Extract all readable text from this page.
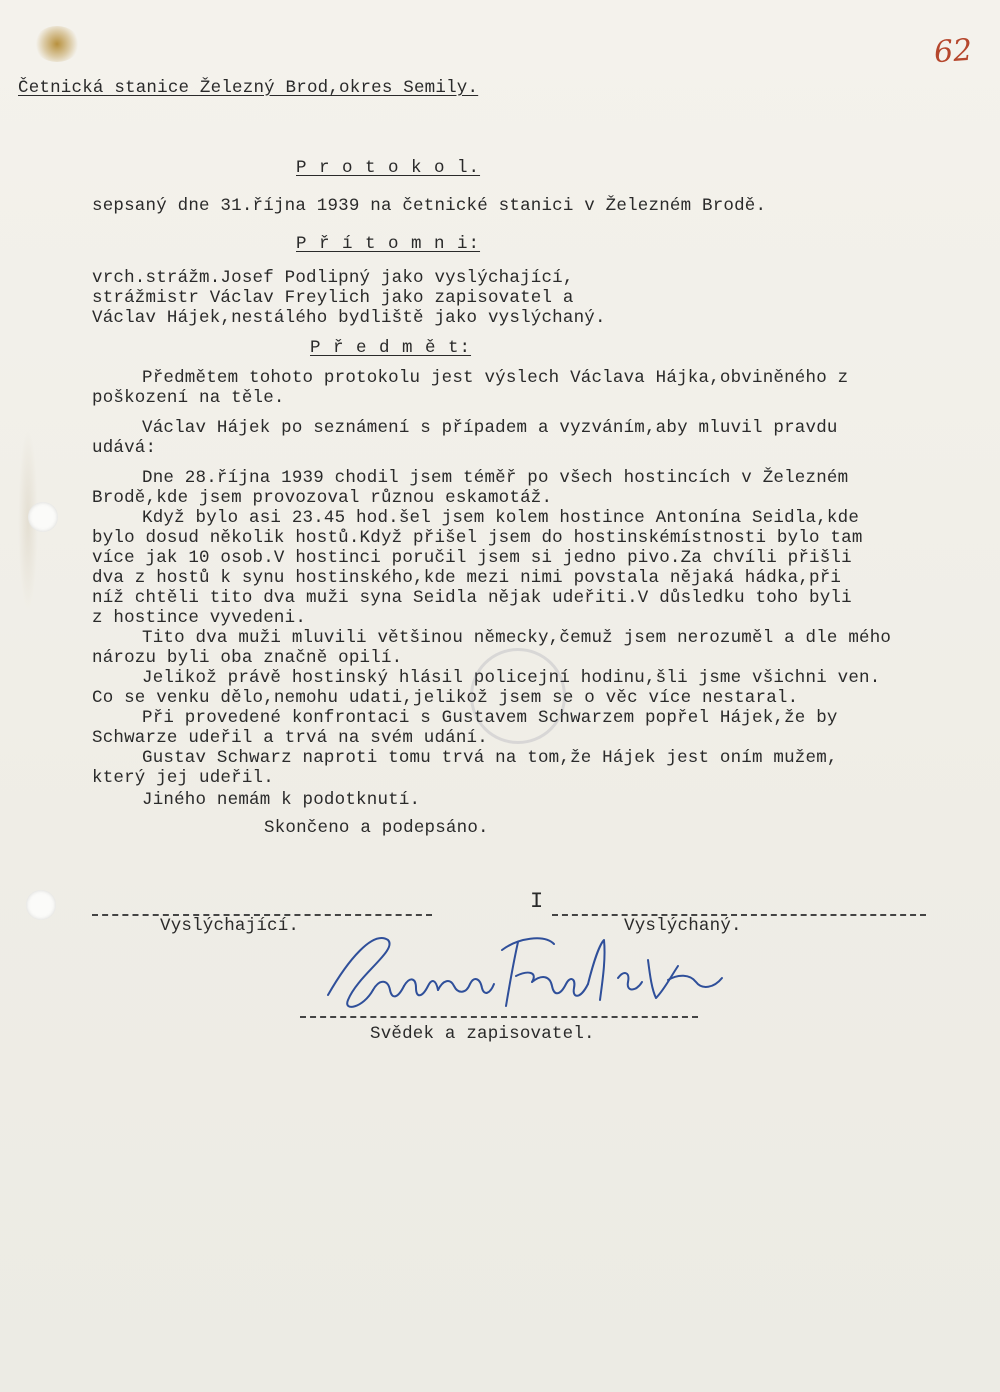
62
Četnická stanice Železný Brod,okres Semily.
P r o t o k o l.
sepsaný dne 31.října 1939 na četnické stanici v Železném Brodě.
P ř í t o m n i:
vrch.strážm.Josef Podlipný jako vyslýchající,
strážmistr Václav Freylich jako zapisovatel a
Václav Hájek,nestálého bydliště jako vyslýchaný.
P ř e d m ě t:
Předmětem tohoto protokolu jest výslech Václava Hájka,obviněného z
poškození na těle.
Václav Hájek po seznámení s případem a vyzváním,aby mluvil pravdu
udává:
Dne 28.října 1939 chodil jsem téměř po všech hostincích v Železném
Brodě,kde jsem provozoval různou eskamotáž.
Když bylo asi 23.45 hod.šel jsem kolem hostince Antonína Seidla,kde
bylo dosud několik hostů.Když přišel jsem do hostinskémístnosti bylo tam
více jak 10 osob.V hostinci poručil jsem si jedno pivo.Za chvíli přišli
dva z hostů k synu hostinského,kde mezi nimi povstala nějaká hádka,při
níž chtěli tito dva muži syna Seidla nějak udeřiti.V důsledku toho byli
z hostince vyvedeni.
Tito dva muži mluvili většinou německy,čemuž jsem nerozuměl a dle mého
nározu byli oba značně opilí.
Jelikož právě hostinský hlásil policejní hodinu,šli jsme všichni ven.
Co se venku dělo,nemohu udati,jelikož jsem se o věc více nestaral.
Při provedené konfrontaci s Gustavem Schwarzem popřel Hájek,že by
Schwarze udeřil a trvá na svém udání.
Gustav Schwarz naproti tomu trvá na tom,že Hájek jest oním mužem,
který jej udeřil.
Jiného nemám k podotknutí.
Skončeno a podepsáno.
Vyslýchající.
I
Vyslýchaný.
Svědek a zapisovatel.
